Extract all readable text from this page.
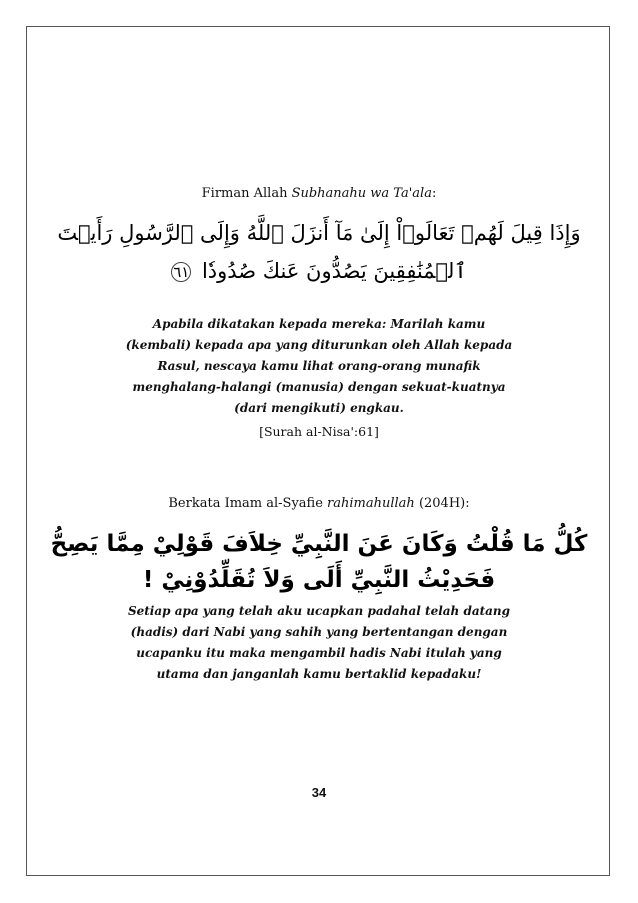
Firman Allah Subhanahu wa Ta'ala:
وَإِذَا قِيلَ لَهُمۡ تَعَالَوۡاْ إِلَىٰ مَآ أَنزَلَ ٱللَّهُ وَإِلَى ٱلرَّسُولِ رَأَيۡتَ
ٱلۡمُنَٰفِقِينَ يَصُدُّونَ عَنكَ صُدُودٗا ٦١
Apabila dikatakan kepada mereka: Marilah kamu
(kembali) kepada apa yang diturunkan oleh Allah kepada
Rasul, nescaya kamu lihat orang-orang munafik
menghalang-halangi (manusia) dengan sekuat-kuatnya
(dari mengikuti) engkau.
[Surah al-Nisa':61]
Berkata Imam al-Syafie rahimahullah (204H):
كُلُّ مَا قُلْتُ وَكَانَ عَنَ النَّبِيِّ خِلاَفَ قَوْلِيْ مِمَّا يَصِحُّ
فَحَدِيْثُ النَّبِيِّ أَلَى وَلاَ تُقَلِّدُوْنِيْ !
Setiap apa yang telah aku ucapkan padahal telah datang
(hadis) dari Nabi yang sahih yang bertentangan dengan
ucapanku itu maka mengambil hadis Nabi itulah yang
utama dan janganlah kamu bertaklid kepadaku!
34
